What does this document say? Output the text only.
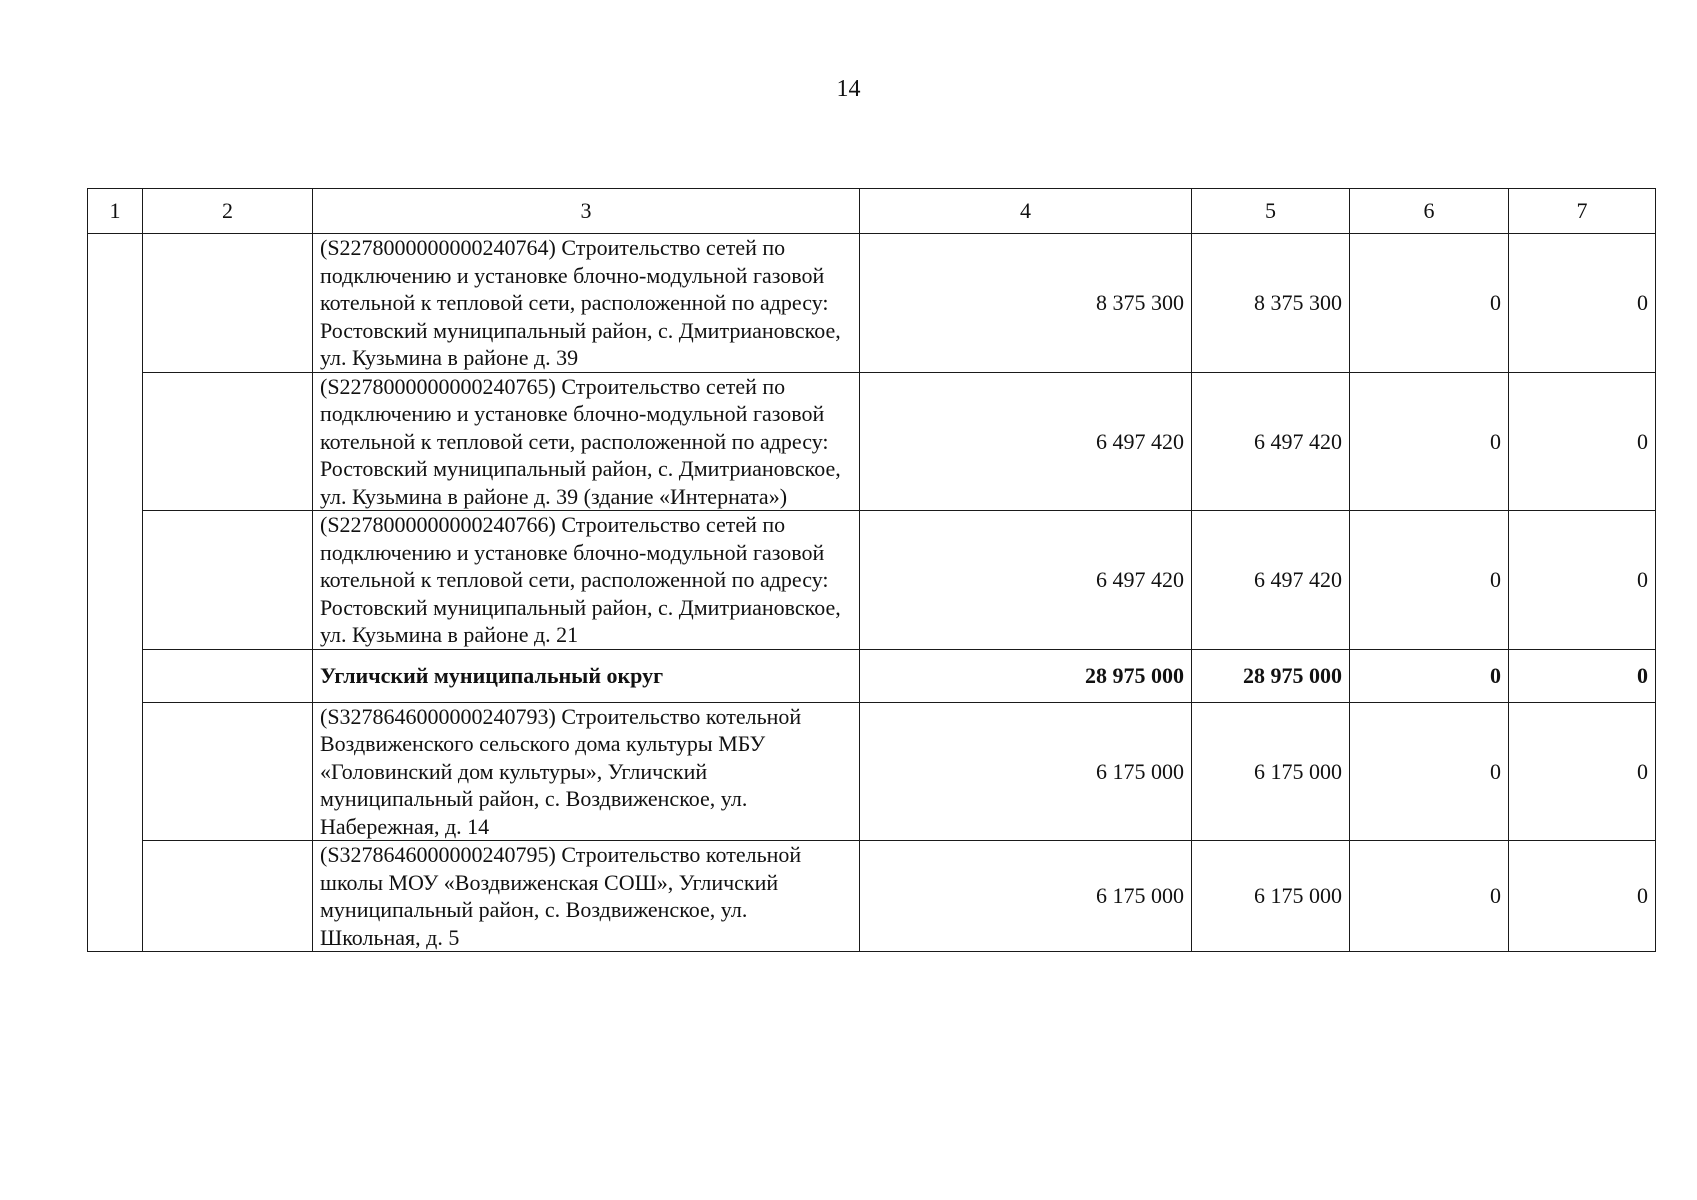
14
1	2	3	4	5	6	7
		(S2278000000000240764) Строительство сетей по подключению и установке блочно-модульной газовой котельной к тепловой сети, расположенной по адресу: Ростовский муниципальный район, с. Дмитриановское, ул. Кузьмина в районе д. 39	8 375 300	8 375 300	0	0
		(S2278000000000240765) Строительство сетей по подключению и установке блочно-модульной газовой котельной к тепловой сети, расположенной по адресу: Ростовский муниципальный район, с. Дмитриановское, ул. Кузьмина в районе д. 39 (здание «Интерната»)	6 497 420	6 497 420	0	0
		(S2278000000000240766) Строительство сетей по подключению и установке блочно-модульной газовой котельной к тепловой сети, расположенной по адресу: Ростовский муниципальный район, с. Дмитриановское, ул. Кузьмина в районе д. 21	6 497 420	6 497 420	0	0
		Угличский муниципальный округ	28 975 000	28 975 000	0	0
		(S3278646000000240793) Строительство котельной Воздвиженского сельского дома культуры МБУ «Головинский дом культуры», Угличский муниципальный район, с. Воздвиженское, ул. Набережная, д. 14	6 175 000	6 175 000	0	0
		(S3278646000000240795) Строительство котельной школы МОУ «Воздвиженская СОШ», Угличский муниципальный район, с. Воздвиженское, ул. Школьная, д. 5	6 175 000	6 175 000	0	0
